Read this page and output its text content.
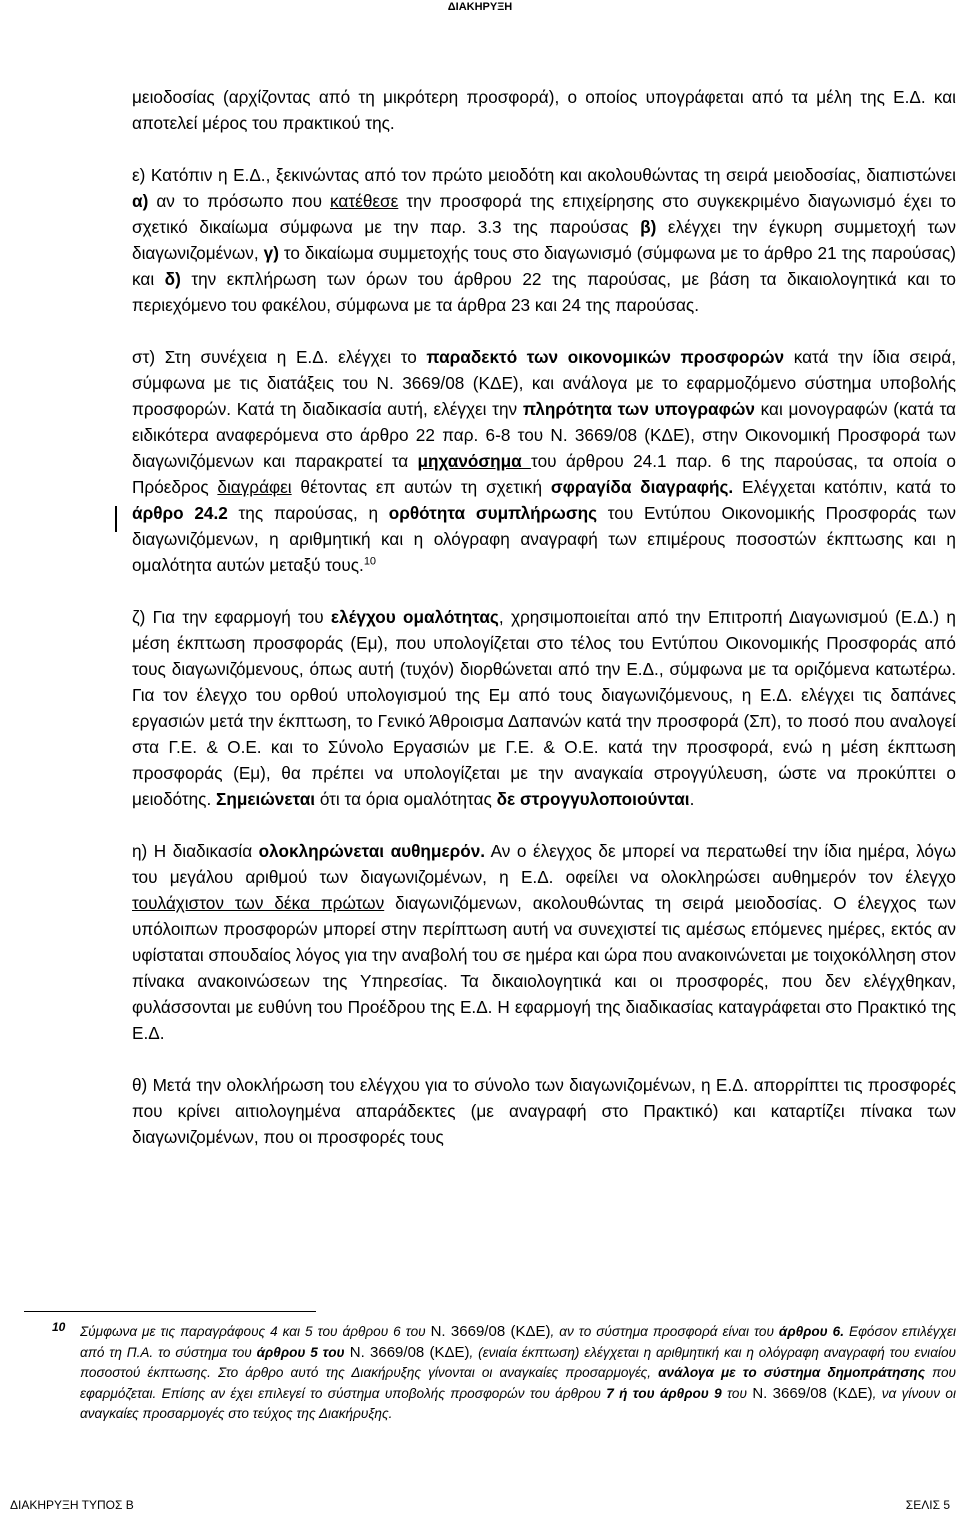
ΔΙΑΚΗΡΥΞΗ

μειοδοσίας (αρχίζοντας από τη μικρότερη προσφορά), ο οποίος υπογράφεται από τα μέλη της Ε.Δ. και αποτελεί μέρος του πρακτικού της.

ε) Κατόπιν η Ε.Δ., ξεκινώντας από τον πρώτο μειοδότη και ακολουθώντας τη σειρά μειοδοσίας, διαπιστώνει α) αν το πρόσωπο που κατέθεσε την προσφορά της επιχείρησης στο συγκεκριμένο διαγωνισμό έχει το σχετικό δικαίωμα σύμφωνα με την παρ. 3.3 της παρούσας β) ελέγχει την έγκυρη συμμετοχή των διαγωνιζομένων, γ) το δικαίωμα συμμετοχής τους στο διαγωνισμό (σύμφωνα με το άρθρο 21 της παρούσας) και δ) την εκπλήρωση των όρων του άρθρου 22 της παρούσας, με βάση τα δικαιολογητικά και το περιεχόμενο του φακέλου, σύμφωνα με τα άρθρα 23 και 24 της παρούσας.

στ) Στη συνέχεια η Ε.Δ. ελέγχει το παραδεκτό των οικονομικών προσφορών κατά την ίδια σειρά, σύμφωνα με τις διατάξεις του Ν. 3669/08 (ΚΔΕ), και ανάλογα με το εφαρμοζόμενο σύστημα υποβολής προσφορών. Κατά τη διαδικασία αυτή, ελέγχει την πληρότητα των υπογραφών και μονογραφών (κατά τα ειδικότερα αναφερόμενα στο άρθρο 22 παρ. 6-8 του Ν. 3669/08 (ΚΔΕ), στην Οικονομική Προσφορά των διαγωνιζόμενων και παρακρατεί τα μηχανόσημα του άρθρου 24.1 παρ. 6 της παρούσας, τα οποία ο Πρόεδρος διαγράφει θέτοντας επ αυτών τη σχετική σφραγίδα διαγραφής. Ελέγχεται κατόπιν, κατά το άρθρο 24.2 της παρούσας, η ορθότητα συμπλήρωσης του Εντύπου Οικονομικής Προσφοράς των διαγωνιζόμενων, η αριθμητική και η ολόγραφη αναγραφή των επιμέρους ποσοστών έκπτωσης και η ομαλότητα αυτών μεταξύ τους.$^{10}$

ζ) Για την εφαρμογή του ελέγχου ομαλότητας, χρησιμοποιείται από την Επιτροπή Διαγωνισμού (Ε.Δ.) η μέση έκπτωση προσφοράς (Εμ), που υπολογίζεται στο τέλος του Εντύπου Οικονομικής Προσφοράς από τους διαγωνιζόμενους, όπως αυτή (τυχόν) διορθώνεται από την Ε.Δ., σύμφωνα με τα οριζόμενα κατωτέρω. Για τον έλεγχο του ορθού υπολογισμού της Εμ από τους διαγωνιζόμενους, η Ε.Δ. ελέγχει τις δαπάνες εργασιών μετά την έκπτωση, το Γενικό Άθροισμα Δαπανών κατά την προσφορά (Σπ), το ποσό που αναλογεί στα Γ.Ε. & Ο.Ε. και το Σύνολο Εργασιών με Γ.Ε. & Ο.Ε. κατά την προσφορά, ενώ η μέση έκπτωση προσφοράς (Εμ), θα πρέπει να υπολογίζεται με την αναγκαία στρογγύλευση, ώστε να προκύπτει ο μειοδότης. Σημειώνεται ότι τα όρια ομαλότητας δε στρογγυλοποιούνται.

η) Η διαδικασία ολοκληρώνεται αυθημερόν. Αν ο έλεγχος δε μπορεί να περατωθεί την ίδια ημέρα, λόγω του μεγάλου αριθμού των διαγωνιζομένων, η Ε.Δ. οφείλει να ολοκληρώσει αυθημερόν τον έλεγχο τουλάχιστον των δέκα πρώτων διαγωνιζόμενων, ακολουθώντας τη σειρά μειοδοσίας. Ο έλεγχος των υπόλοιπων προσφορών μπορεί στην περίπτωση αυτή να συνεχιστεί τις αμέσως επόμενες ημέρες, εκτός αν υφίσταται σπουδαίος λόγος για την αναβολή του σε ημέρα και ώρα που ανακοινώνεται με τοιχοκόλληση στον πίνακα ανακοινώσεων της Υπηρεσίας. Τα δικαιολογητικά και οι προσφορές, που δεν ελέγχθηκαν, φυλάσσονται με ευθύνη του Προέδρου της Ε.Δ. Η εφαρμογή της διαδικασίας καταγράφεται στο Πρακτικό της Ε.Δ.

θ) Μετά την ολοκλήρωση του ελέγχου για το σύνολο των διαγωνιζομένων, η Ε.Δ. απορρίπτει τις προσφορές που κρίνει αιτιολογημένα απαράδεκτες (με αναγραφή στο Πρακτικό) και καταρτίζει πίνακα των διαγωνιζομένων, που οι προσφορές τους

10 Σύμφωνα με τις παραγράφους 4 και 5 του άρθρου 6 του Ν. 3669/08 (ΚΔΕ), αν το σύστημα προσφορά είναι του άρθρου 6. Εφόσον επιλέγχει από τη Π.Α. το σύστημα του άρθρου 5 του Ν. 3669/08 (ΚΔΕ), (ενιαία έκπτωση) ελέγχεται η αριθμητική και η ολόγραφη αναγραφή του ενιαίου ποσοστού έκπτωσης. Στο άρθρο αυτό της Διακήρυξης γίνονται οι αναγκαίες προσαρμογές, ανάλογα με το σύστημα δημοπράτησης που εφαρμόζεται. Επίσης αν έχει επιλεγεί το σύστημα υποβολής προσφορών του άρθρου 7 ή του άρθρου 9 του Ν. 3669/08 (ΚΔΕ), να γίνουν οι αναγκαίες προσαρμογές στο τεύχος της Διακήρυξης.
ΔΙΑΚΗΡΥΞΗ ΤΥΠΟΣ Β	ΣΕΛΙΣ 5
